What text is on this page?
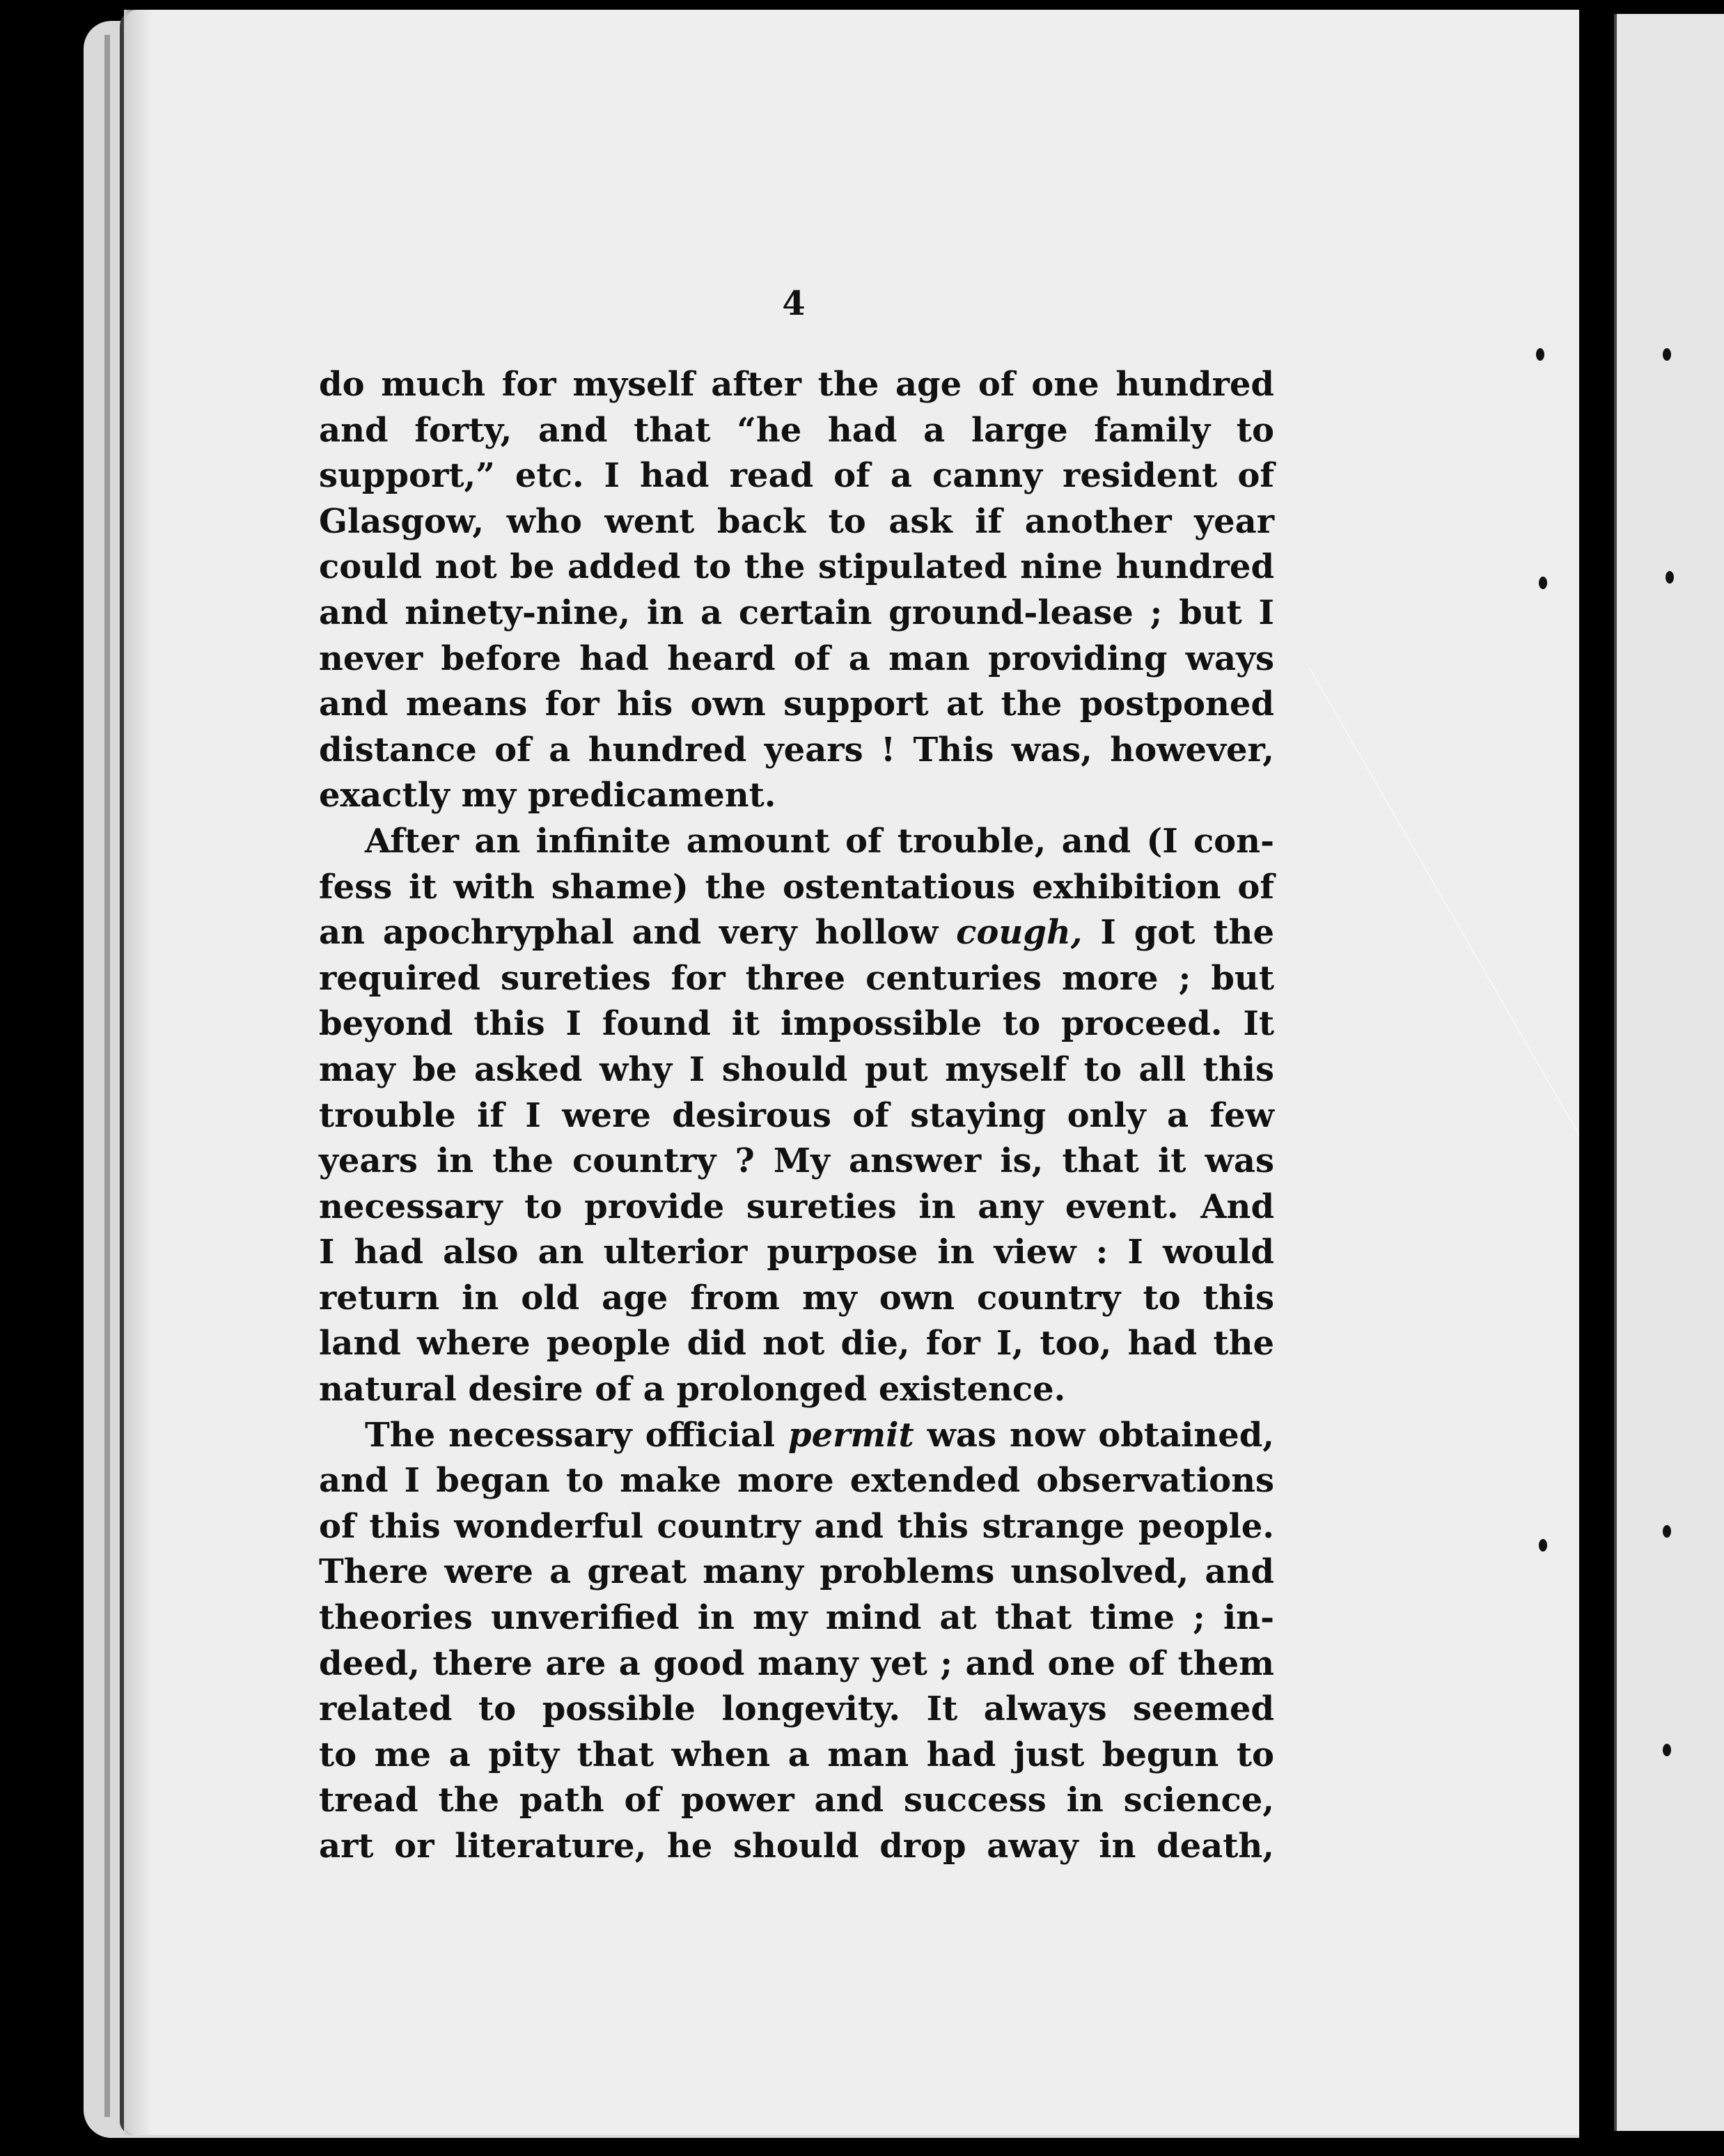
4
do much for myself after the age of one hundred
and forty, and that “he had a large family to
support,” etc. I had read of a canny resident of
Glasgow, who went back to ask if another year
could not be added to the stipulated nine hundred
and ninety-nine, in a certain ground-lease ; but I
never before had heard of a man providing ways
and means for his own support at the postponed
distance of a hundred years ! This was, however,
exactly my predicament.
After an infinite amount of trouble, and (I con-
fess it with shame) the ostentatious exhibition of
an apochryphal and very hollow cough, I got the
required sureties for three centuries more ; but
beyond this I found it impossible to proceed. It
may be asked why I should put myself to all this
trouble if I were desirous of staying only a few
years in the country ? My answer is, that it was
necessary to provide sureties in any event. And
I had also an ulterior purpose in view : I would
return in old age from my own country to this
land where people did not die, for I, too, had the
natural desire of a prolonged existence.
The necessary official permit was now obtained,
and I began to make more extended observations
of this wonderful country and this strange people.
There were a great many problems unsolved, and
theories unverified in my mind at that time ; in-
deed, there are a good many yet ; and one of them
related to possible longevity. It always seemed
to me a pity that when a man had just begun to
tread the path of power and success in science,
art or literature, he should drop away in death,
